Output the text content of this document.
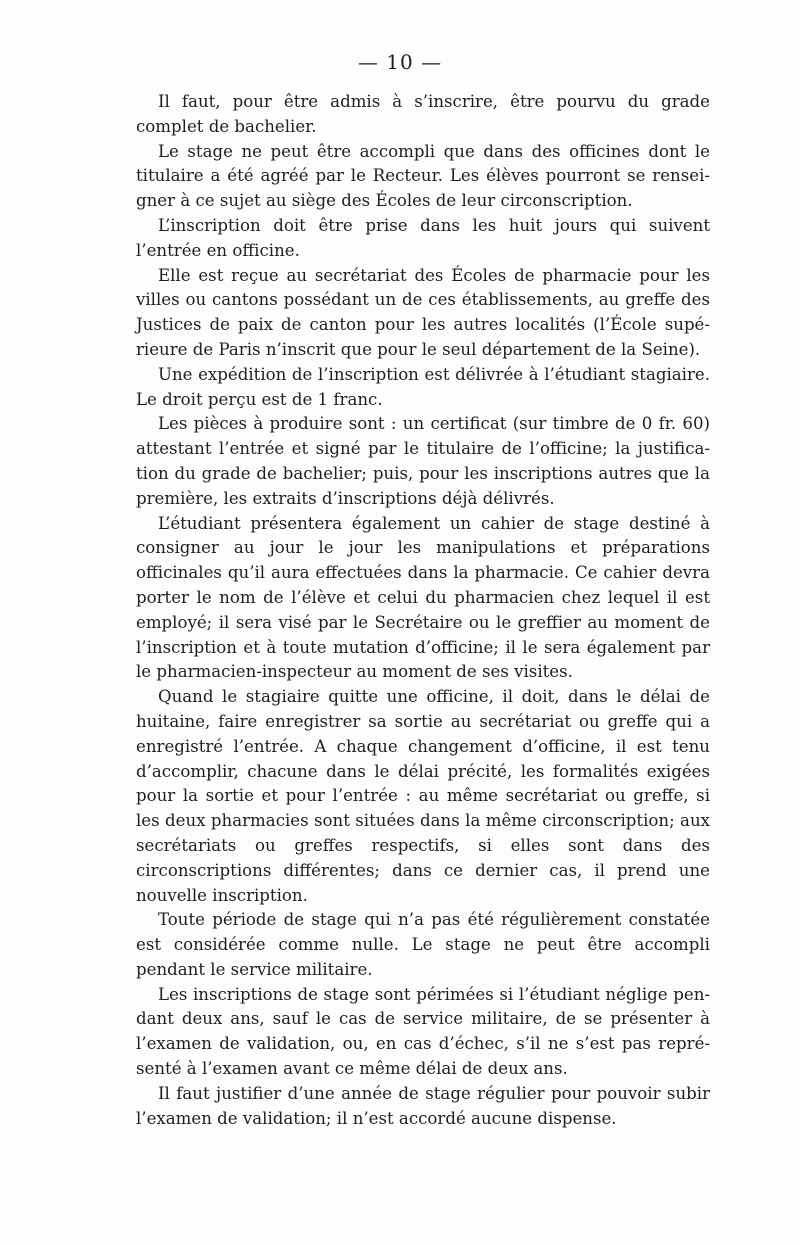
— 10 —

Il faut, pour être admis à s’inscrire, être pourvu du grade complet de bachelier.

Le stage ne peut être accompli que dans des officines dont le titulaire a été agréé par le Recteur. Les élèves pourront se renseigner à ce sujet au siège des Écoles de leur circonscription.

L’inscription doit être prise dans les huit jours qui suivent l’entrée en officine.

Elle est reçue au secrétariat des Écoles de pharmacie pour les villes ou cantons possédant un de ces établissements, au greffe des Justices de paix de canton pour les autres localités (l’École supérieure de Paris n’inscrit que pour le seul département de la Seine).

Une expédition de l’inscription est délivrée à l’étudiant stagiaire. Le droit perçu est de 1 franc.

Les pièces à produire sont : un certificat (sur timbre de 0 fr. 60) attestant l’entrée et signé par le titulaire de l’officine; la justification du grade de bachelier; puis, pour les inscriptions autres que la première, les extraits d’inscriptions déjà délivrés.

L’étudiant présentera également un cahier de stage destiné à consigner au jour le jour les manipulations et préparations officinales qu’il aura effectuées dans la pharmacie. Ce cahier devra porter le nom de l’élève et celui du pharmacien chez lequel il est employé; il sera visé par le Secrétaire ou le greffier au moment de l’inscription et à toute mutation d’officine; il le sera également par le pharmacien-inspecteur au moment de ses visites.

Quand le stagiaire quitte une officine, il doit, dans le délai de huitaine, faire enregistrer sa sortie au secrétariat ou greffe qui a enregistré l’entrée. A chaque changement d’officine, il est tenu d’accomplir, chacune dans le délai précité, les formalités exigées pour la sortie et pour l’entrée : au même secrétariat ou greffe, si les deux pharmacies sont situées dans la même circonscription; aux secrétariats ou greffes respectifs, si elles sont dans des circonscriptions différentes; dans ce dernier cas, il prend une nouvelle inscription.

Toute période de stage qui n’a pas été régulièrement constatée est considérée comme nulle. Le stage ne peut être accompli pendant le service militaire.

Les inscriptions de stage sont périmées si l’étudiant néglige pendant deux ans, sauf le cas de service militaire, de se présenter à l’examen de validation, ou, en cas d’échec, s’il ne s’est pas représenté à l’examen avant ce même délai de deux ans.

Il faut justifier d’une année de stage régulier pour pouvoir subir l’examen de validation; il n’est accordé aucune dispense.
